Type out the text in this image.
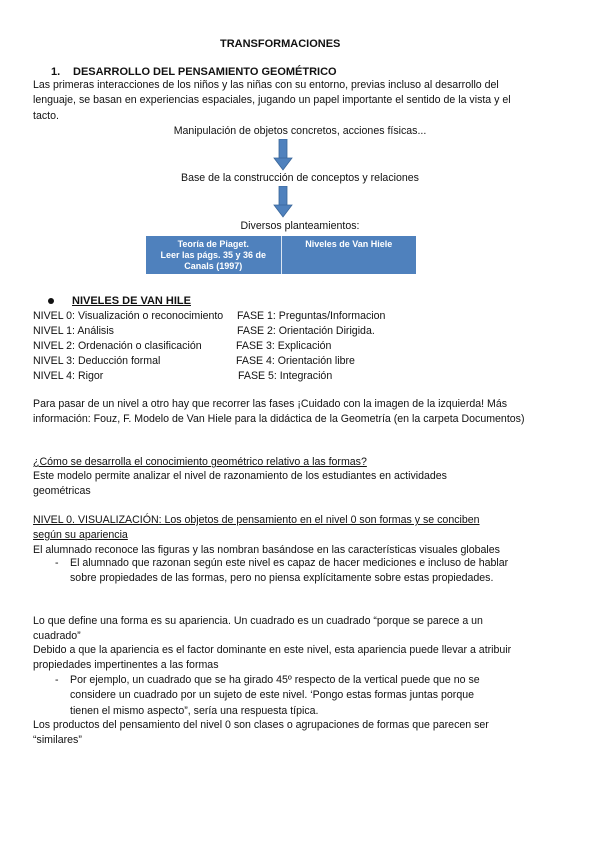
TRANSFORMACIONES
1. DESARROLLO DEL PENSAMIENTO GEOMÉTRICO
Las primeras interacciones de los niños y las niñas con su entorno, previas incluso al desarrollo del lenguaje, se basan en experiencias espaciales, jugando un papel importante el sentido de la vista y el tacto.
Manipulación de objetos concretos, acciones físicas...
Base de la construcción de conceptos y relaciones
Diversos planteamientos:
Teoría de Piaget.
Leer las págs. 35 y 36 de
Canals (1997)
Niveles de Van Hiele
NIVELES DE VAN HILE
NIVEL 0: Visualización o reconocimiento
NIVEL 1: Análisis
NIVEL 2: Ordenación o clasificación
NIVEL 3: Deducción formal
NIVEL 4: Rigor
FASE 1: Preguntas/Informacion
FASE 2: Orientación Dirigida.
FASE 3: Explicación
FASE 4: Orientación libre
FASE 5: Integración
Para pasar de un nivel a otro hay que recorrer las fases ¡Cuidado con la imagen de la izquierda! Más información: Fouz, F. Modelo de Van Hiele para la didáctica de la Geometría (en la carpeta Documentos)
¿Cómo se desarrolla el conocimiento geométrico relativo a las formas?
Este modelo permite analizar el nivel de razonamiento de los estudiantes en actividades geométricas
NIVEL 0. VISUALIZACIÓN: Los objetos de pensamiento en el nivel 0 son formas y se conciben
según su apariencia
El alumnado reconoce las figuras y las nombran basándose en las características visuales globales
- El alumnado que razonan según este nivel es capaz de hacer mediciones e incluso de hablar sobre propiedades de las formas, pero no piensa explícitamente sobre estas propiedades.
Lo que define una forma es su apariencia. Un cuadrado es un cuadrado “porque se parece a un cuadrado”
Debido a que la apariencia es el factor dominante en este nivel, esta apariencia puede llevar a atribuir propiedades impertinentes a las formas
- Por ejemplo, un cuadrado que se ha girado 45º respecto de la vertical puede que no se considere un cuadrado por un sujeto de este nivel. ‘Pongo estas formas juntas porque tienen el mismo aspecto”, sería una respuesta típica.
Los productos del pensamiento del nivel 0 son clases o agrupaciones de formas que parecen ser “similares”
